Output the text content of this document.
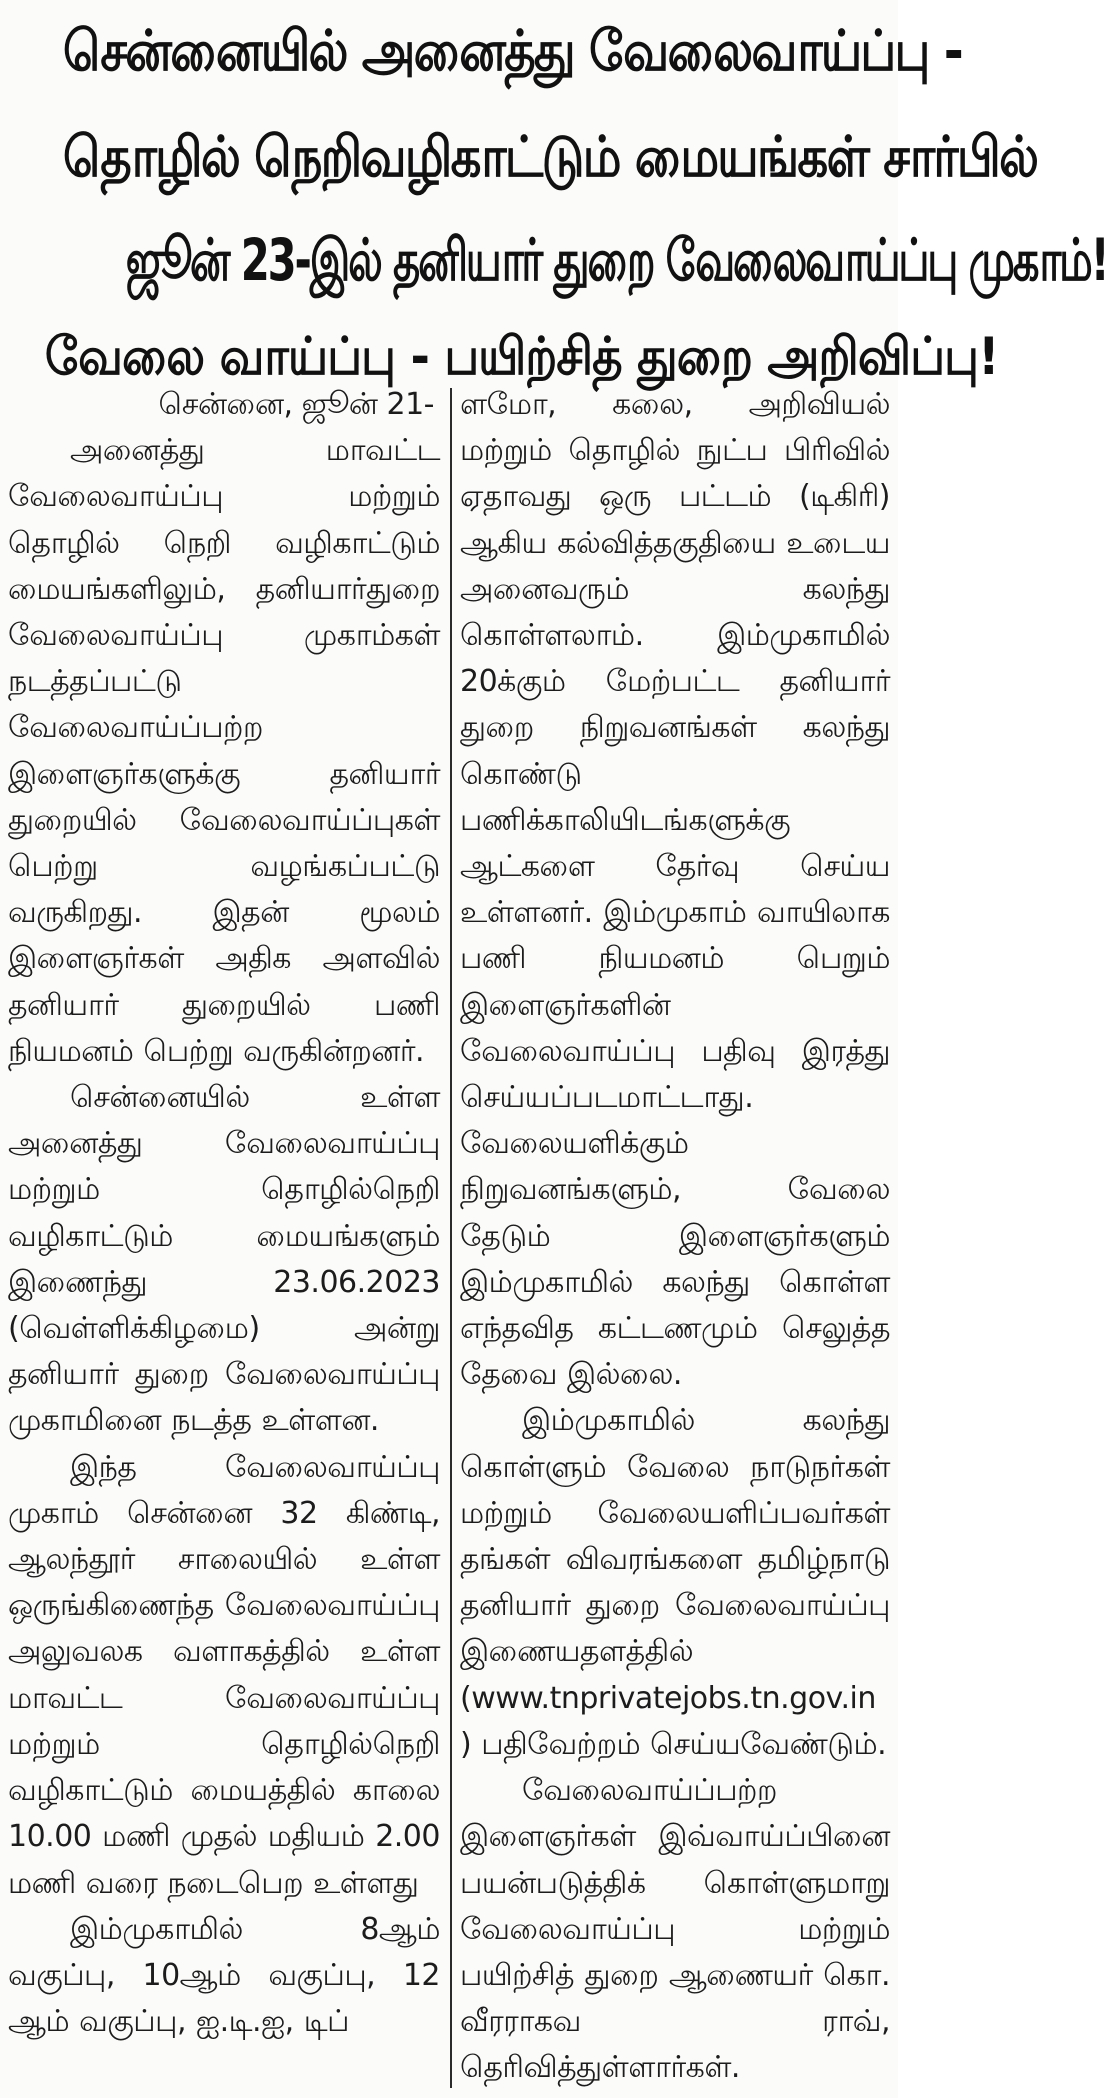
சென்னையில் அனைத்து வேலைவாய்ப்பு -
தொழில் நெறிவழிகாட்டும் மையங்கள் சார்பில்
ஜூன் 23-இல் தனியார் துறை வேலைவாய்ப்பு முகாம்!
வேலை வாய்ப்பு - பயிற்சித் துறை அறிவிப்பு!

சென்னை, ஜூன் 21-

அனைத்து மாவட்ட வேலைவாய்ப்பு மற்றும் தொழில் நெறி வழிகாட்டும் மையங்களிலும், தனியார்துறை வேலைவாய்ப்பு முகாம்கள் நடத்தப்பட்டு வேலைவாய்ப்பற்ற இளைஞர்களுக்கு தனியார் துறையில் வேலைவாய்ப்புகள் பெற்று வழங்கப்பட்டு வருகிறது. இதன் மூலம் இளைஞர்கள் அதிக அளவில் தனியார் துறையில் பணி நியமனம் பெற்று வருகின்றனர்.

சென்னையில் உள்ள அனைத்து வேலைவாய்ப்பு மற்றும் தொழில்நெறி வழிகாட்டும் மையங்களும் இணைந்து 23.06.2023 (வெள்ளிக்கிழமை) அன்று தனியார் துறை வேலைவாய்ப்பு முகாமினை நடத்த உள்ளன.

இந்த வேலைவாய்ப்பு முகாம் சென்னை 32 கிண்டி, ஆலந்தூர் சாலையில் உள்ள ஒருங்கிணைந்த வேலைவாய்ப்பு அலுவலக வளாகத்தில் உள்ள மாவட்ட வேலைவாய்ப்பு மற்றும் தொழில்நெறி வழிகாட்டும் மையத்தில் காலை 10.00 மணி முதல் மதியம் 2.00 மணி வரை நடைபெற உள்ளது

இம்முகாமில் 8ஆம் வகுப்பு, 10ஆம் வகுப்பு, 12 ஆம் வகுப்பு, ஐ.டி.ஐ, டிப்

ளமோ, கலை, அறிவியல் மற்றும் தொழில் நுட்ப பிரிவில் ஏதாவது ஒரு பட்டம் (டிகிரி) ஆகிய கல்வித்தகுதியை உடைய அனைவரும் கலந்து கொள்ளலாம். இம்முகாமில் 20க்கும் மேற்பட்ட தனியார் துறை நிறுவனங்கள் கலந்து கொண்டு பணிக்காலியிடங்களுக்கு ஆட்களை தேர்வு செய்ய உள்ளனர். இம்முகாம் வாயிலாக பணி நியமனம் பெறும் இளைஞர்களின் வேலைவாய்ப்பு பதிவு இரத்து செய்யப்படமாட்டாது. வேலையளிக்கும் நிறுவனங்களும், வேலை தேடும் இளைஞர்களும் இம்முகாமில் கலந்து கொள்ள எந்தவித கட்டணமும் செலுத்த தேவை இல்லை.

இம்முகாமில் கலந்து கொள்ளும் வேலை நாடுநர்கள் மற்றும் வேலையளிப்பவர்கள் தங்கள் விவரங்களை தமிழ்நாடு தனியார் துறை வேலைவாய்ப்பு இணையதளத்தில் (www.tnprivatejobs.tn.gov.in ) பதிவேற்றம் செய்யவேண்டும்.

வேலைவாய்ப்பற்ற இளைஞர்கள் இவ்வாய்ப்பினை பயன்படுத்திக் கொள்ளுமாறு வேலைவாய்ப்பு மற்றும் பயிற்சித் துறை ஆணையர் கொ. வீரராகவ ராவ், தெரிவித்துள்ளார்கள்.
